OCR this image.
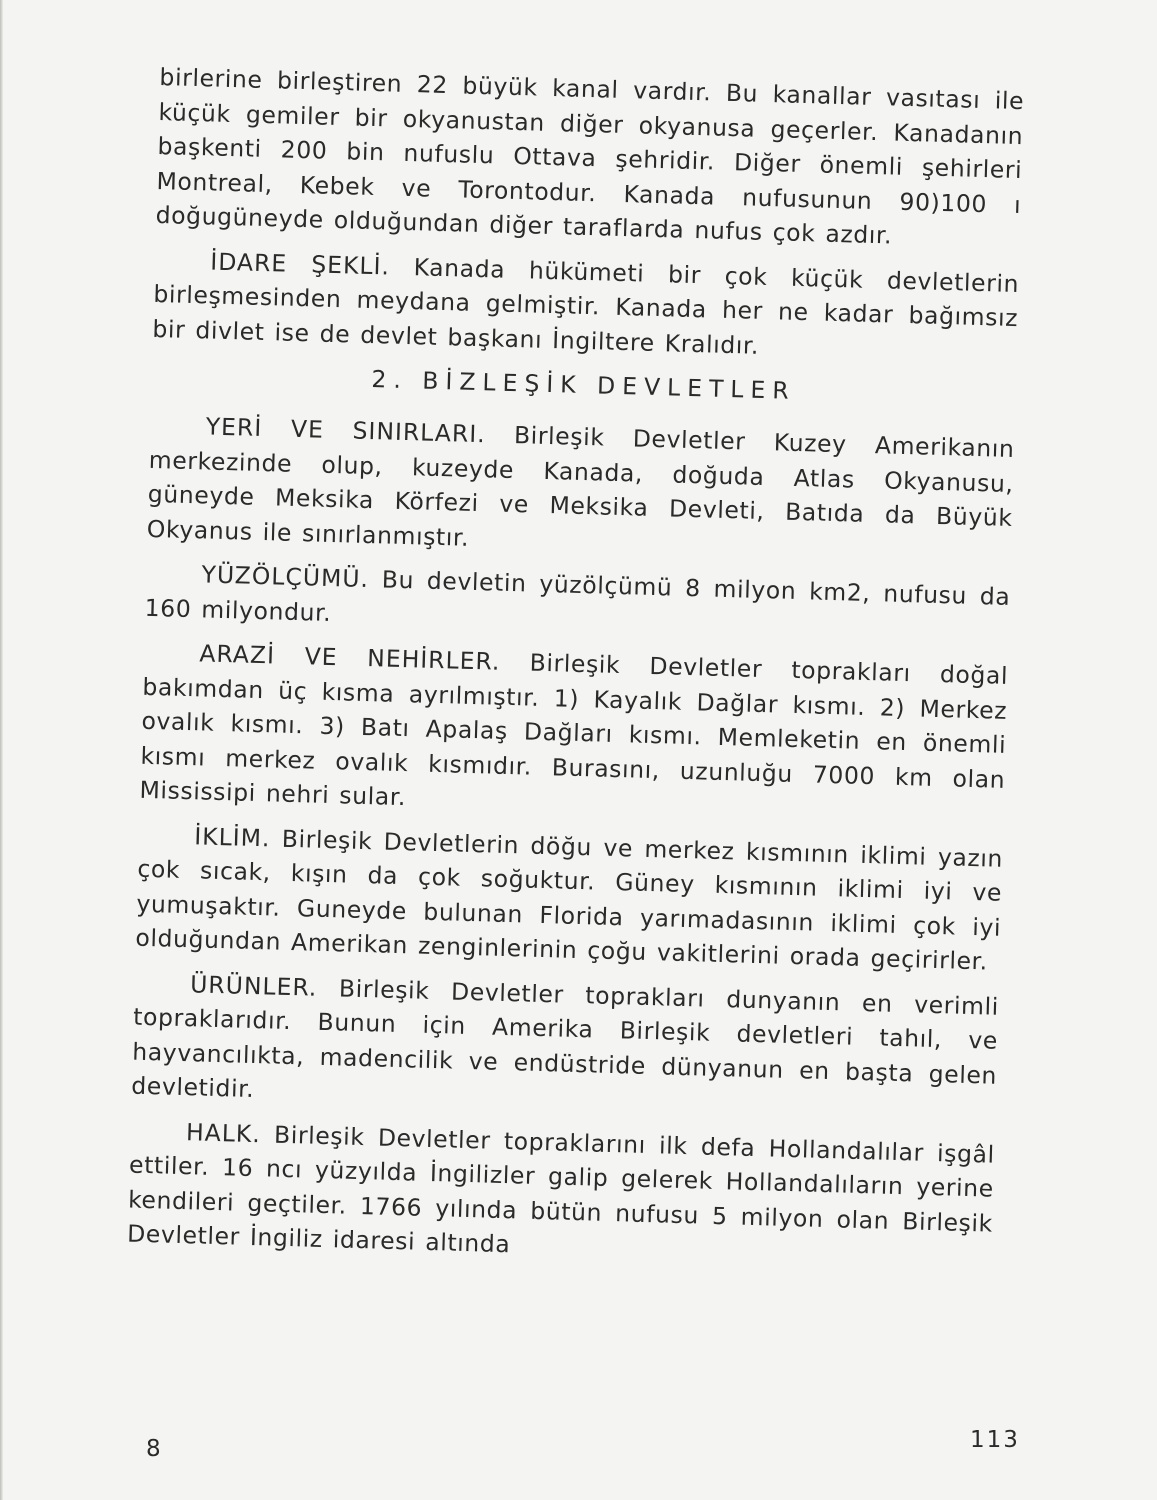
birlerine birleştiren 22 büyük kanal vardır. Bu kanallar vasıtası ile küçük gemiler bir okyanustan diğer okyanusa geçerler. Kanadanın başkenti 200 bin nufuslu Ottava şehridir. Diğer önemli şehirleri Montreal, Kebek ve Torontodur. Kanada nufusunun 90)100 ı doğugüneyde olduğundan diğer taraflarda nufus çok azdır.

İDARE ŞEKLİ. Kanada hükümeti bir çok küçük devletlerin birleşmesinden meydana gelmiştir. Kanada her ne kadar bağımsız bir divlet ise de devlet başkanı İngiltere Kralıdır.

2. BİZLEŞİK DEVLETLER

YERİ VE SINIRLARI. Birleşik Devletler Kuzey Amerikanın merkezinde olup, kuzeyde Kanada, doğuda Atlas Okyanusu, güneyde Meksika Körfezi ve Meksika Devleti, Batıda da Büyük Okyanus ile sınırlanmıştır.

YÜZÖLÇÜMÜ. Bu devletin yüzölçümü 8 milyon km2, nufusu da 160 milyondur.

ARAZİ VE NEHİRLER. Birleşik Devletler toprakları doğal bakımdan üç kısma ayrılmıştır. 1) Kayalık Dağlar kısmı. 2) Merkez ovalık kısmı. 3) Batı Apalaş Dağları kısmı. Memleketin en önemli kısmı merkez ovalık kısmıdır. Burasını, uzunluğu 7000 km olan Mississipi nehri sular.

İKLİM. Birleşik Devletlerin döğu ve merkez kısmının iklimi yazın çok sıcak, kışın da çok soğuktur. Güney kısmının iklimi iyi ve yumuşaktır. Guneyde bulunan Florida yarımadasının iklimi çok iyi olduğundan Amerikan zenginlerinin çoğu vakitlerini orada geçirirler.

ÜRÜNLER. Birleşik Devletler toprakları dunyanın en verimli topraklarıdır. Bunun için Amerika Birleşik devletleri tahıl, ve hayvancılıkta, madencilik ve endüstride dünyanun en başta gelen devletidir.

HALK. Birleşik Devletler topraklarını ilk defa Hollandalılar işgâl ettiler. 16 ncı yüzyılda İngilizler galip gelerek Hollandalıların yerine kendileri geçtiler. 1766 yılında bütün nufusu 5 milyon olan Birleşik Devletler İngiliz idaresi altında

8	113
